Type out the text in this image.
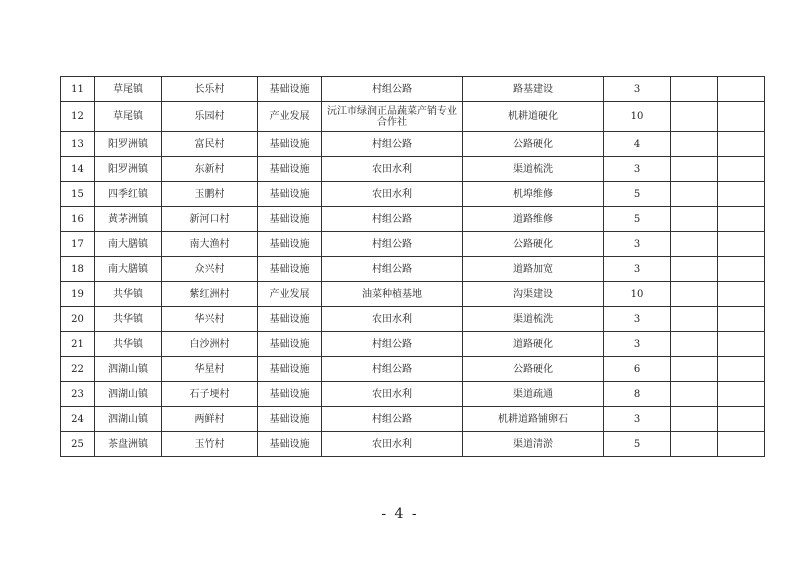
11	草尾镇	长乐村	基础设施	村组公路	路基建设	3		
12	草尾镇	乐园村	产业发展	沅江市绿润正品蔬菜产销专业合作社	机耕道硬化	10		
13	阳罗洲镇	富民村	基础设施	村组公路	公路硬化	4		
14	阳罗洲镇	东新村	基础设施	农田水利	渠道梳洗	3		
15	四季红镇	玉鹏村	基础设施	农田水利	机埠维修	5		
16	黄茅洲镇	新河口村	基础设施	村组公路	道路维修	5		
17	南大膳镇	南大渔村	基础设施	村组公路	公路硬化	3		
18	南大膳镇	众兴村	基础设施	村组公路	道路加宽	3		
19	共华镇	紫红洲村	产业发展	油菜种植基地	沟渠建设	10		
20	共华镇	华兴村	基础设施	农田水利	渠道梳洗	3		
21	共华镇	白沙洲村	基础设施	村组公路	道路硬化	3		
22	泗湖山镇	华星村	基础设施	村组公路	公路硬化	6		
23	泗湖山镇	石子埂村	基础设施	农田水利	渠道疏通	8		
24	泗湖山镇	两鲜村	基础设施	村组公路	机耕道路铺卵石	3		
25	茶盘洲镇	玉竹村	基础设施	农田水利	渠道清淤	5		
- 4 -
